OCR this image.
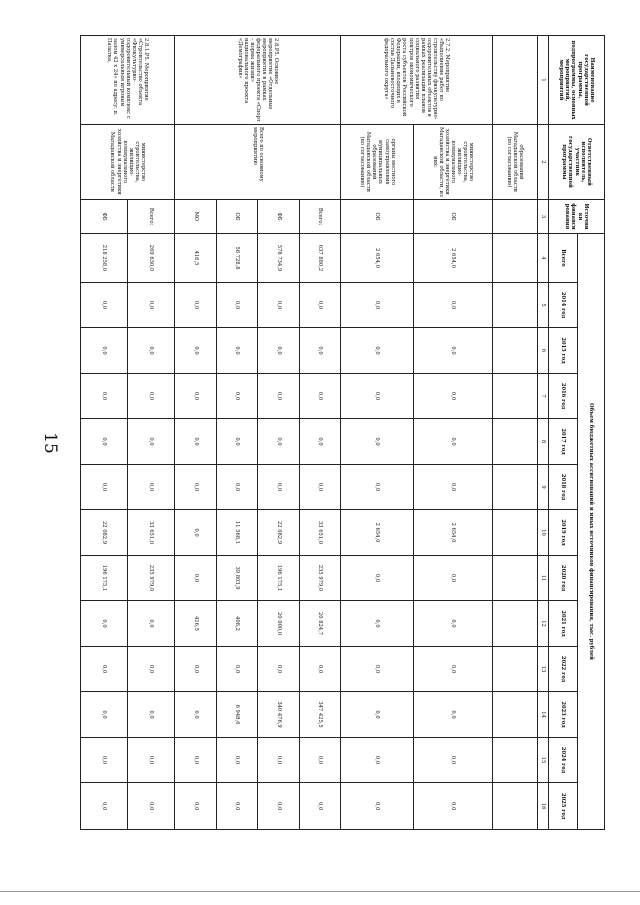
15
Наименование государственной программы, подпрограммы, основных мероприятий, мероприятий	Ответственный исполнитель, участник государственной программы	Источники финансирования	Объем бюджетных ассигнований и иных источников финансирования, тыс. рублей												
			Всего	2014 год	2015 год	2016 год	2017 год	2018 год	2019 год	2020 год	2021 год	2022 год	2023 год	2024 год	2025 год
1	2	3	4	5	6	7	8	9	10	11	12	13	14	15	16
	образований Магаданской области (по согласованию)														
2.7.2. Мероприятие «Выполнение работ по строительству физкультурно-оздоровительных объектов в рамках реализации планов социального развития центров экономического роста субъектов Российской Федерации, входящих в состав Дальневосточного федерального округа»	министерство строительства, жилищно-коммунального хозяйства и энергетики Магаданской области, из них:	ОБ	2 654,0	0,0	0,0	0,0	0,0	0,0	2 654,0	0,0	0,0	0,0	0,0	0,0	0,0
	органы местного самоуправления муниципальных образований Магаданской области (по согласованию)	ОБ	2 654,0	0,0	0,0	0,0	0,0	0,0	2 654,0	0,0	0,0	0,0	0,0	0,0	0,0
2.8.Р5. Основное мероприятие «Отдельные мероприятия в рамках федерального проекта «Спорт – норма жизни» национального проекта «Демография»	Всего по основному мероприятию	Всего:	637 880,2	0,0	0,0	0,0	0,0	0,0	33 651,0	235 979,0	20 824,7	0,0	347 425,5	0,0	0,0
		ФБ	578 734,9	0,0	0,0	0,0	0,0	0,0	22 082,9	196 175,1	20 000,0	0,0	340 476,9	0,0	0,0
		ОБ	58 728,8	0,0	0,0	0,0	0,0	0,0	11 568,1	39 803,9	408,2	0,0	6 948,6	0,0	0,0
		МО	416,5	0,0	0,0	0,0	0,0	0,0	0,0	0,0	416,5	0,0	0,0	0,0	0,0
2.8.1.Р5. Мероприятие «Строительство объекта «Физкультурно-оздоровительный комплекс с универсальным игровым залом 42 х 24» по адресу: п. Палатка,	министерство строительства, жилищно-коммунального хозяйства и энергетики Магаданской области	Всего:	269 630,0	0,0	0,0	0,0	0,0	0,0	33 651,0	235 979,0	0,0	0,0	0,0	0,0	0,0
		ФБ	218 258,0	0,0	0,0	0,0	0,0	0,0	22 082,9	196 175,1	0,0	0,0	0,0	0,0	0,0
